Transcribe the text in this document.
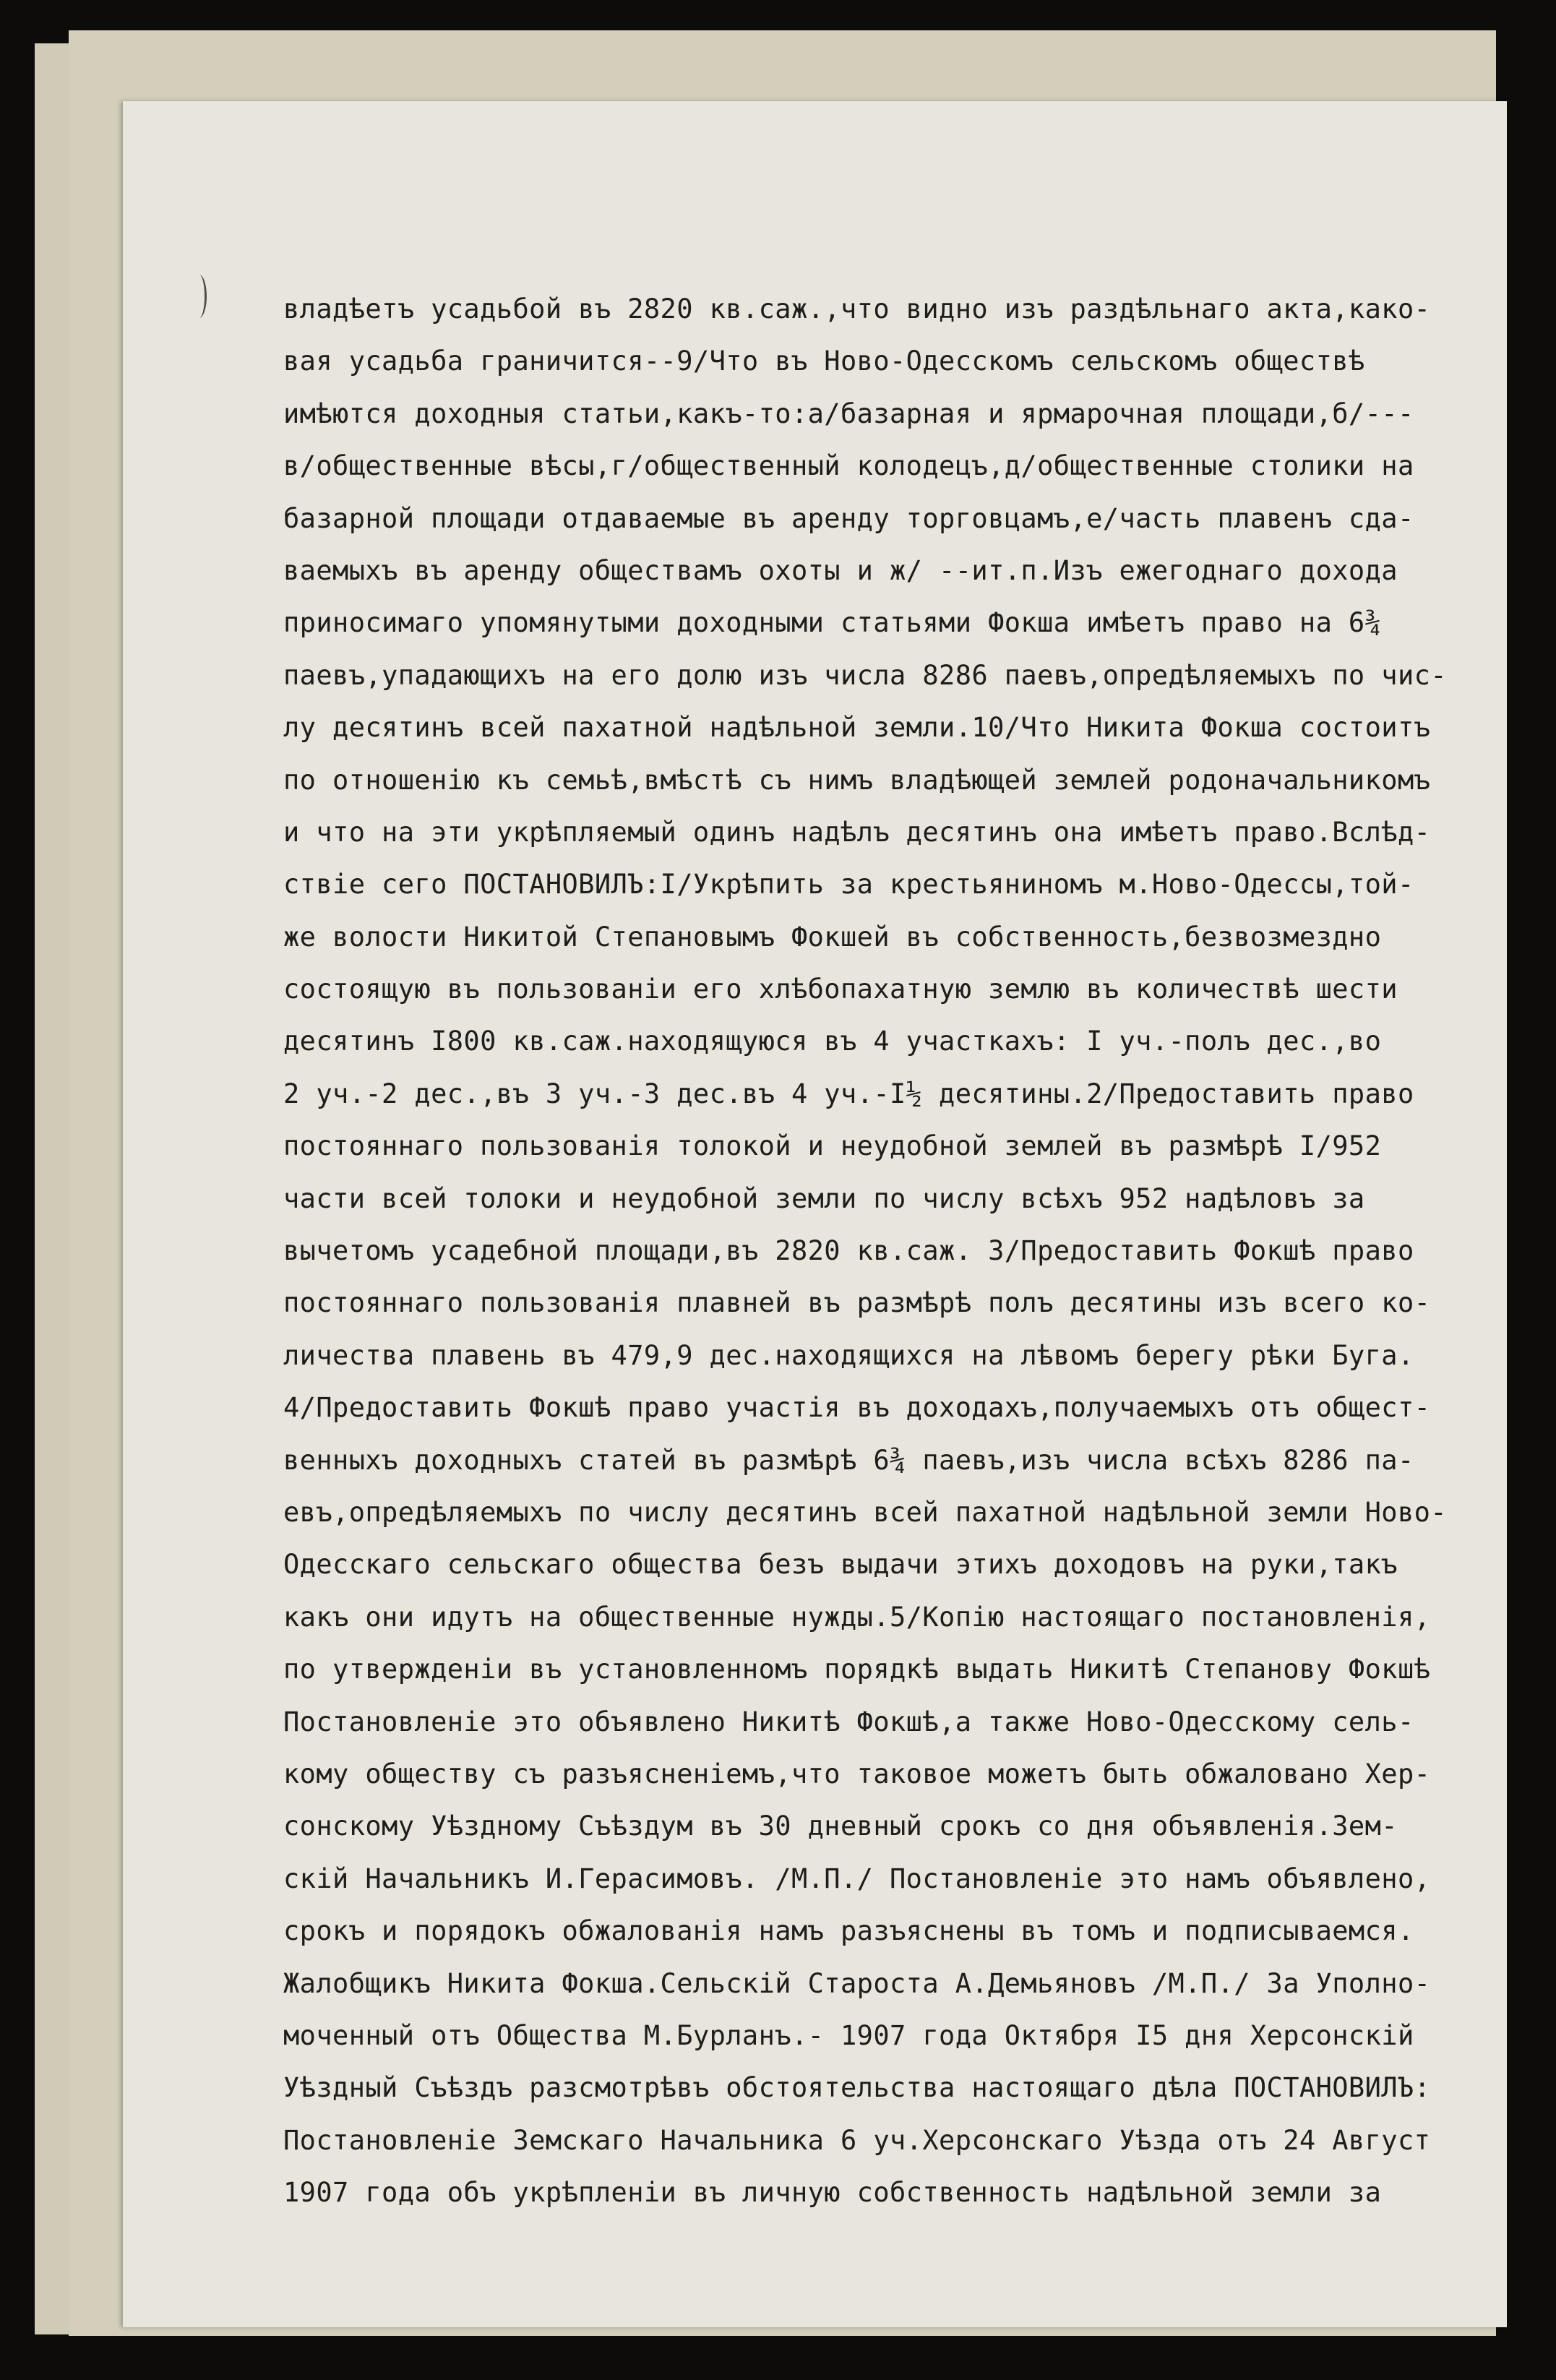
владѣетъ усадьбой въ 2820 кв.саж.,что видно изъ раздѣльнаго акта,како-
вая усадьба граничится--9/Что въ Ново-Одесскомъ сельскомъ обществѣ
имѣются доходныя статьи,какъ-то:а/базарная и ярмарочная площади,б/---
в/общественные вѣсы,г/общественный колодецъ,д/общественные столики на
базарной площади отдаваемые въ аренду торговцамъ,е/часть плавенъ сда-
ваемыхъ въ аренду обществамъ охоты и ж/ --ит.п.Изъ ежегоднаго дохода
приносимаго упомянутыми доходными статьями Фокша имѣетъ право на 6¾
паевъ,упадающихъ на его долю изъ числа 8286 паевъ,опредѣляемыхъ по чис-
лу десятинъ всей пахатной надѣльной земли.10/Что Никита Фокша состоитъ
по отношенію къ семьѣ,вмѣстѣ съ нимъ владѣющей землей родоначальникомъ
и что на эти укрѣпляемый одинъ надѣлъ десятинъ она имѣетъ право.Вслѣд-
ствіе сего ПОСТАНОВИЛЪ:I/Укрѣпить за крестьяниномъ м.Ново-Одессы,той-
же волости Никитой Степановымъ Фокшей въ собственность,безвозмездно
состоящую въ пользованіи его хлѣбопахатную землю въ количествѣ шести
десятинъ I800 кв.саж.находящуюся въ 4 участкахъ: I уч.-полъ дес.,во
2 уч.-2 дес.,въ 3 уч.-3 дес.въ 4 уч.-I½ десятины.2/Предоставить право
постояннаго пользованія толокой и неудобной землей въ размѣрѣ I/952
части всей толоки и неудобной земли по числу всѣхъ 952 надѣловъ за
вычетомъ усадебной площади,въ 2820 кв.саж. 3/Предоставить Фокшѣ право
постояннаго пользованія плавней въ размѣрѣ полъ десятины изъ всего ко-
личества плавень въ 479,9 дес.находящихся на лѣвомъ берегу рѣки Буга.
4/Предоставить Фокшѣ право участія въ доходахъ,получаемыхъ отъ общест-
венныхъ доходныхъ статей въ размѣрѣ 6¾ паевъ,изъ числа всѣхъ 8286 па-
евъ,опредѣляемыхъ по числу десятинъ всей пахатной надѣльной земли Ново-
Одесскаго сельскаго общества безъ выдачи этихъ доходовъ на руки,такъ
какъ они идутъ на общественные нужды.5/Копію настоящаго постановленія,
по утвержденіи въ установленномъ порядкѣ выдать Никитѣ Степанову Фокшѣ
Постановленіе это объявлено Никитѣ Фокшѣ,а также Ново-Одесскому сель-
кому обществу съ разъясненіемъ,что таковое можетъ быть обжаловано Хер-
сонскому Уѣздному Съѣздум въ 30 дневный срокъ со дня объявленія.Зем-
скій Начальникъ И.Герасимовъ. /М.П./ Постановленіе это намъ объявлено,
срокъ и порядокъ обжалованія намъ разъяснены въ томъ и подписываемся.
Жалобщикъ Никита Фокша.Сельскій Староста А.Демьяновъ /М.П./ За Уполно-
моченный отъ Общества М.Бурланъ.- 1907 года Октября I5 дня Херсонскій
Уѣздный Съѣздъ разсмотрѣвъ обстоятельства настоящаго дѣла ПОСТАНОВИЛЪ:
Постановленіе Земскаго Начальника 6 уч.Херсонскаго Уѣзда отъ 24 Август
1907 года объ укрѣпленіи въ личную собственность надѣльной земли за
